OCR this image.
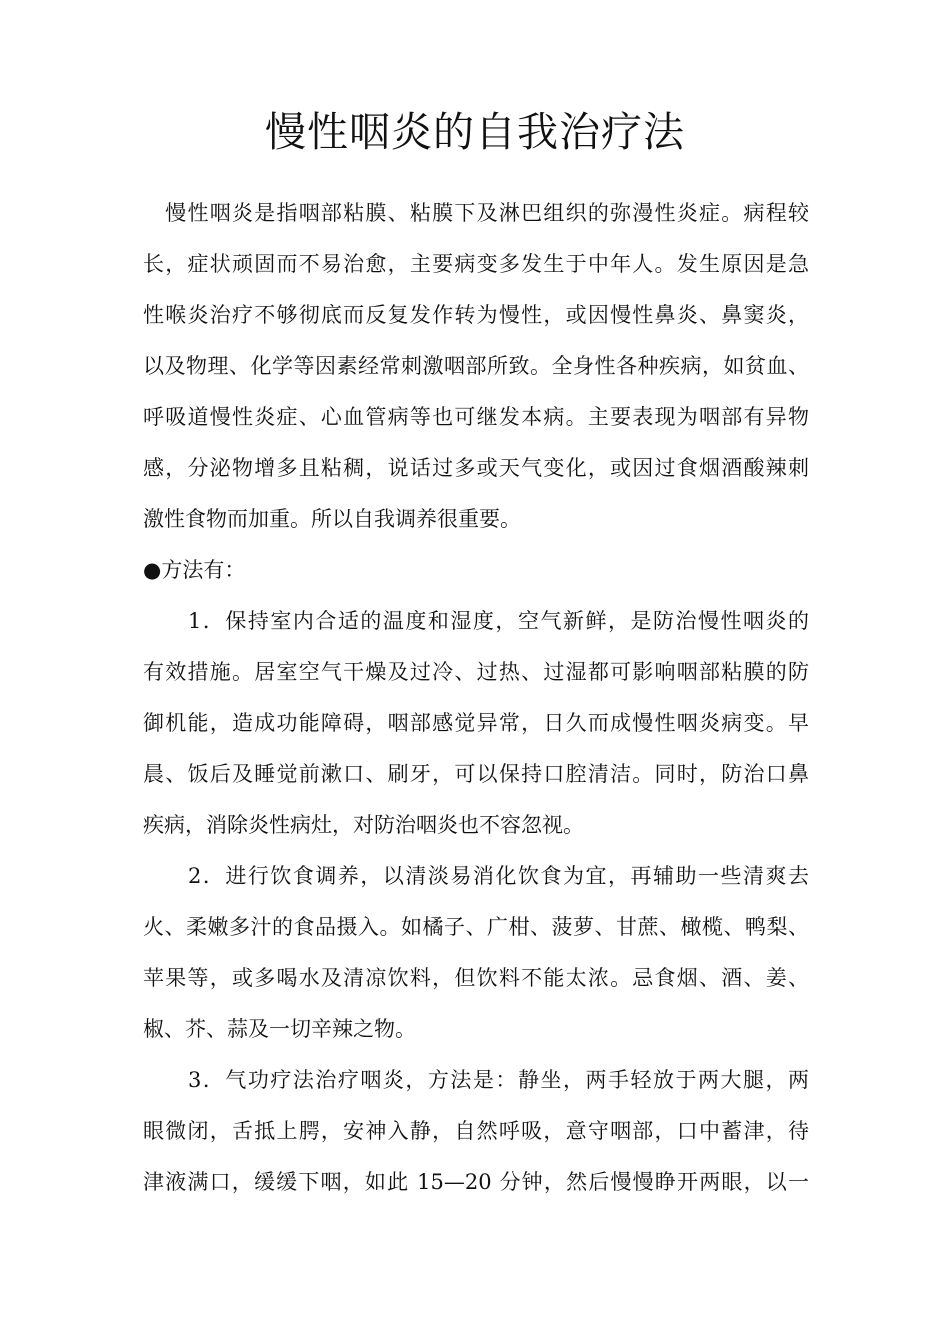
慢性咽炎的自我治疗法
　慢性咽炎是指咽部粘膜、粘膜下及淋巴组织的弥漫性炎症。病程较
长，症状顽固而不易治愈，主要病变多发生于中年人。发生原因是急
性喉炎治疗不够彻底而反复发作转为慢性，或因慢性鼻炎、鼻窦炎，
以及物理、化学等因素经常刺激咽部所致。全身性各种疾病，如贫血、
呼吸道慢性炎症、心血管病等也可继发本病。主要表现为咽部有异物
感，分泌物增多且粘稠，说话过多或天气变化，或因过食烟酒酸辣刺
激性食物而加重。所以自我调养很重要。
●方法有：
　　1．保持室内合适的温度和湿度，空气新鲜，是防治慢性咽炎的
有效措施。居室空气干燥及过冷、过热、过湿都可影响咽部粘膜的防
御机能，造成功能障碍，咽部感觉异常，日久而成慢性咽炎病变。早
晨、饭后及睡觉前漱口、刷牙，可以保持口腔清洁。同时，防治口鼻
疾病，消除炎性病灶，对防治咽炎也不容忽视。
　　2．进行饮食调养，以清淡易消化饮食为宜，再辅助一些清爽去
火、柔嫩多汁的食品摄入。如橘子、广柑、菠萝、甘蔗、橄榄、鸭梨、
苹果等，或多喝水及清凉饮料，但饮料不能太浓。忌食烟、酒、姜、
椒、芥、蒜及一切辛辣之物。
　　3．气功疗法治疗咽炎，方法是：静坐，两手轻放于两大腿，两
眼微闭，舌抵上腭，安神入静，自然呼吸，意守咽部，口中蓄津，待
津液满口，缓缓下咽，如此 15—20 分钟，然后慢慢睁开两眼，以一
